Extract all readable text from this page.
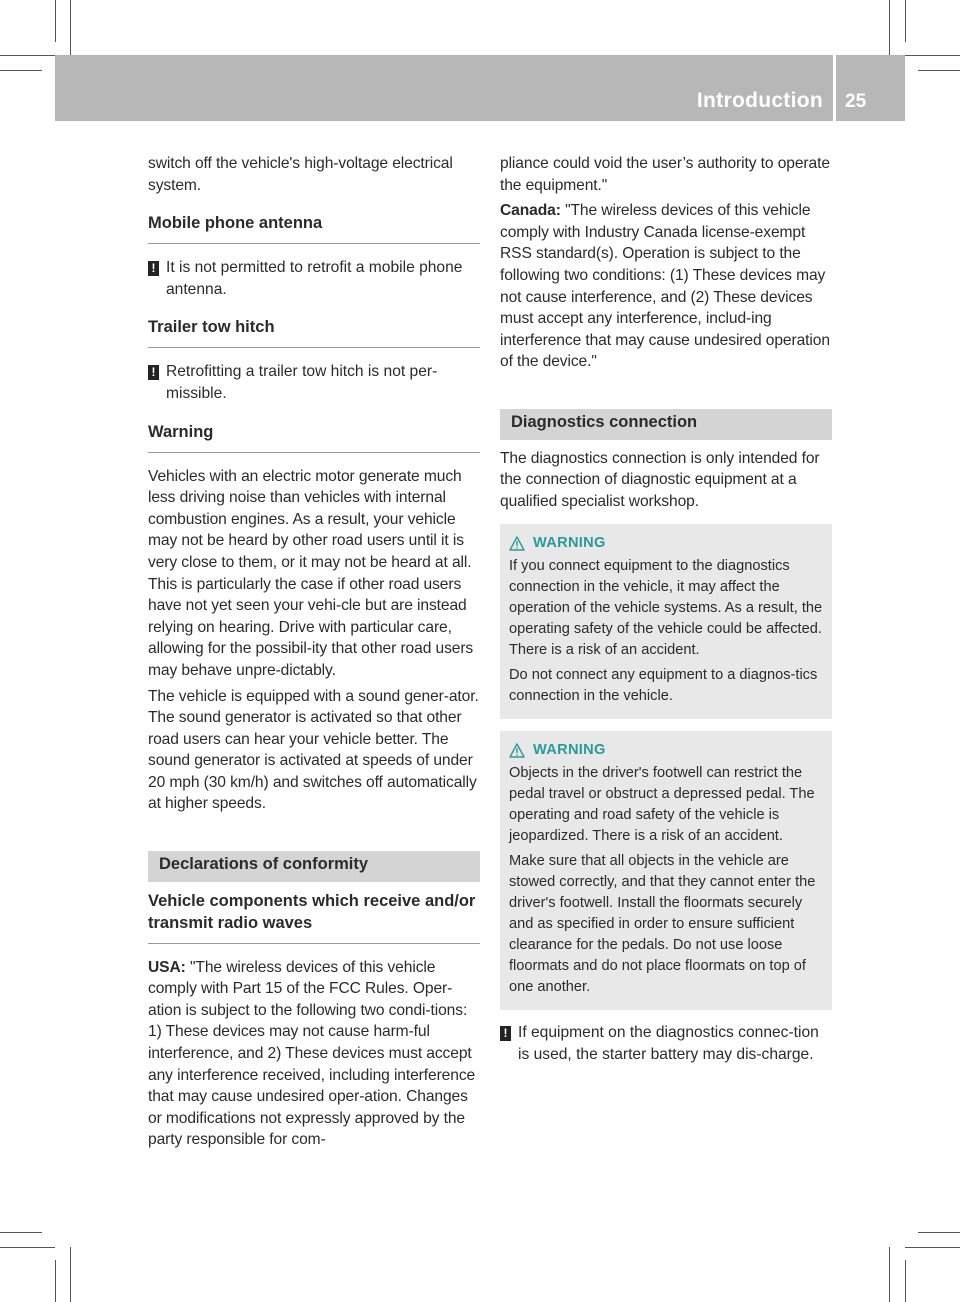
Introduction 25

switch off the vehicle's high-voltage electrical system.

Mobile phone antenna
! It is not permitted to retrofit a mobile phone antenna.
Trailer tow hitch
! Retrofitting a trailer tow hitch is not per-missible.
Warning

Vehicles with an electric motor generate much less driving noise than vehicles with internal combustion engines. As a result, your vehicle may not be heard by other road users until it is very close to them, or it may not be heard at all. This is particularly the case if other road users have not yet seen your vehi-cle but are instead relying on hearing. Drive with particular care, allowing for the possibil-ity that other road users may behave unpre-dictably.

The vehicle is equipped with a sound gener-ator. The sound generator is activated so that other road users can hear your vehicle better. The sound generator is activated at speeds of under 20 mph (30 km/h) and switches off automatically at higher speeds.

Declarations of conformity
Vehicle components which receive and/or transmit radio waves

USA: "The wireless devices of this vehicle comply with Part 15 of the FCC Rules. Oper-ation is subject to the following two condi-tions: 1) These devices may not cause harm-ful interference, and 2) These devices must accept any interference received, including interference that may cause undesired oper-ation. Changes or modifications not expressly approved by the party responsible for com-

pliance could void the user’s authority to operate the equipment."

Canada: "The wireless devices of this vehicle comply with Industry Canada license-exempt RSS standard(s). Operation is subject to the following two conditions: (1) These devices may not cause interference, and (2) These devices must accept any interference, includ-ing interference that may cause undesired operation of the device."

Diagnostics connection

The diagnostics connection is only intended for the connection of diagnostic equipment at a qualified specialist workshop.

WARNING

If you connect equipment to the diagnostics connection in the vehicle, it may affect the operation of the vehicle systems. As a result, the operating safety of the vehicle could be affected. There is a risk of an accident.

Do not connect any equipment to a diagnos-tics connection in the vehicle.

WARNING

Objects in the driver's footwell can restrict the pedal travel or obstruct a depressed pedal. The operating and road safety of the vehicle is jeopardized. There is a risk of an accident.

Make sure that all objects in the vehicle are stowed correctly, and that they cannot enter the driver's footwell. Install the floormats securely and as specified in order to ensure sufficient clearance for the pedals. Do not use loose floormats and do not place floormats on top of one another.

! If equipment on the diagnostics connec-tion is used, the starter battery may dis-charge.
